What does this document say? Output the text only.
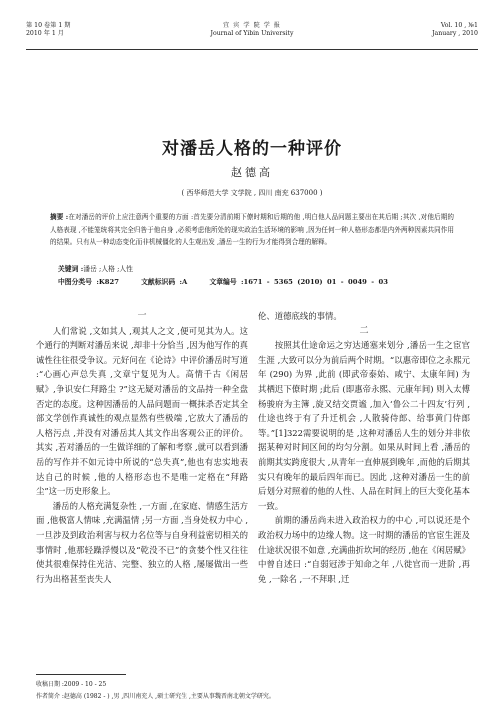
第 10 卷第 1 期
2010 年 1 月
宜 宾 学 院 学 报
Journal of Yibin University
Vol. 10 , №1
January , 2010
对潘岳人格的一种评价
赵德高
( 西华师范大学 文学院 , 四川 南充 637000 )
摘要 :在对潘岳的评价上应注意两个重要的方面 :首先要分清前期下僚时期和后期的他 ,明白他人品问题主要出在其后期 ;其次 ,对他后期的人格表现 ,不能笼统将其完全归咎于他自身 ,必须考虑他所处的现实政治生活环境的影响 ,因为任何一种人格形态都是内外两种因素共同作用的结果。只有从一种动态变化而非机械僵化的人生观出发 ,潘岳一生的行为才能得到合理的解释。
关键词 :潘岳 ;人格 ;人性
中图分类号 :K827	文献标识码 :A	文章编号 :1671 - 5365 (2010) 01 - 0049 - 03
一

人们常说 ,文如其人 ,观其人之文 ,便可见其为人。这个通行的判断对潘岳来说 ,却非十分恰当 ,因为他写作的真诚性往往很受争议。元好问在《论诗》中评价潘岳时写道 :“心画心声总失真 ,文章宁复见为人。高情千古《闲居赋》,争识安仁拜路尘 ?”这无疑对潘岳的文品持一种全盘否定的态度。这种因潘岳的人品问题而一概抹杀否定其全部文学创作真诚性的观点显然有些极端 ,它放大了潘岳的人格污点 ,并没有对潘岳其人其文作出客观公正的评价。其实 ,若对潘岳的一生做详细的了解和考察 ,就可以看到潘岳的写作并不如元诗中所说的“总失真”,他也有忠实地表达自己的时候 ,他的人格形态也不是唯一定格在“拜路尘”这一历史形象上。

潘岳的人格充满复杂性 ,一方面 ,在家庭、情感生活方面 ,他极富人情味 ,充满温情 ;另一方面 ,当身处权力中心 ,一旦涉及到政治利害与权力名位等与自身利益密切相关的事情时 ,他那轻躁浮慢以及“乾没不已”的贪婪个性又往往使其很难保持住光洁、完整、独立的人格 ,屡屡做出一些行为出格甚至丧失人

伦、道德底线的事情。

二

按照其仕途命运之穷达通塞来划分 ,潘岳一生之宦官生涯 ,大致可以分为前后两个时期。“以惠帝即位之永熙元年 (290) 为界 ,此前 (即武帝泰始、咸宁、太康年间) 为其栖迟下僚时期 ;此后 (即惠帝永熙、元康年间) 则入太傅杨骏府为主簿 ,旋又结交贾谧 ,加入‘鲁公二十四友’行列 ,仕途也终于有了升迁机会 ,人散骑侍郎、给事黄门侍郎等。”[1]322需要说明的是 ,这种对潘岳人生的划分并非依据某种对时间区间的均匀分割。如果从时间上看 ,潘岳的前期其实跨度很大 ,从青年一直伸展到晚年 ,而他的后期其实只有晚年的最后四年而已。因此 ,这种对潘岳一生的前后划分对照着的他的人性、人品在时间上的巨大变化基本一致。

前期的潘岳尚未进入政治权力的中心 ,可以说还是个政治权力场中的边缘人物。这一时期的潘岳的官宦生涯及仕途状况很不如意 ,充满曲折坎坷的经历 ,他在《闲居赋》中曾自述曰 :“自弱冠涉于知命之年 ,八徙官而一进阶 ,再免 ,一除名 ,一不拜职 ,迁

收稿日期 :2009 - 10 - 25
作者简介 :赵德高 (1982 - ) ,男 ,四川南充人 ,硕士研究生 ,主要从事魏晋南北朝文学研究。
